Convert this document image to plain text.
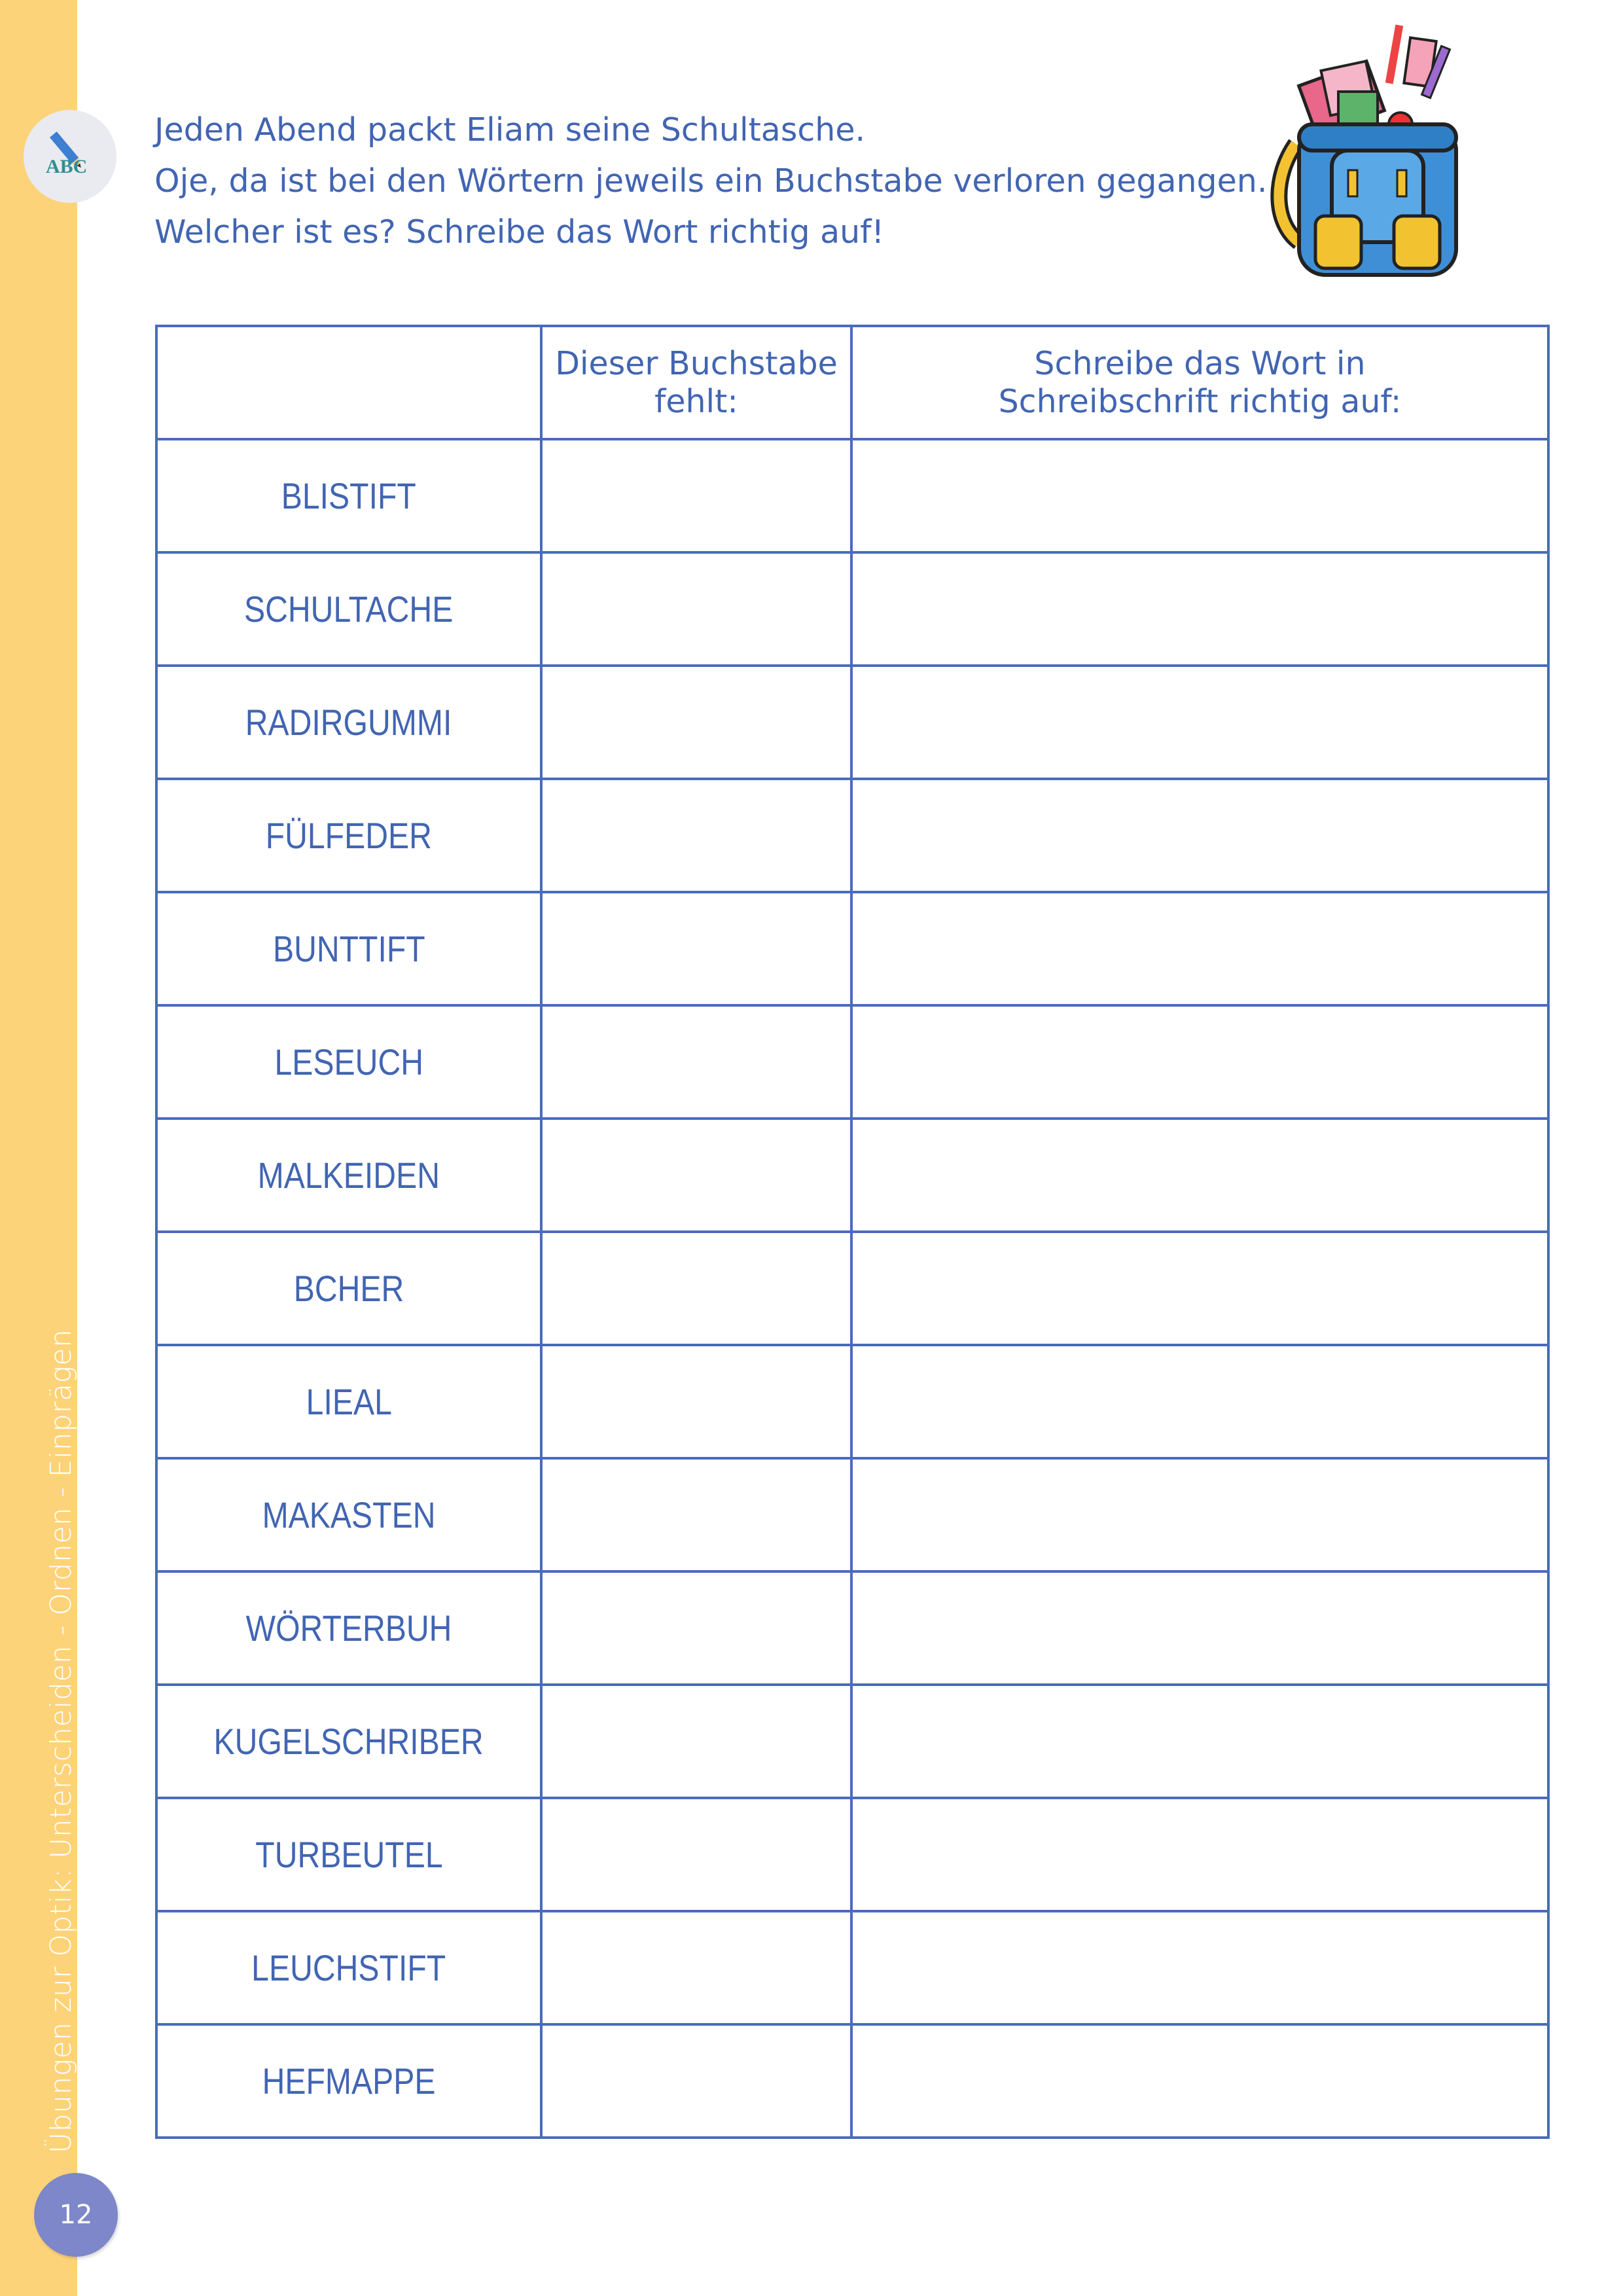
Übungen zur Optik: Unterscheiden - Ordnen - Einprägen
ABC
12
Jeden Abend packt Eliam seine Schultasche.
Oje, da ist bei den Wörtern jeweils ein Buchstabe verloren gegangen.
Welcher ist es? Schreibe das Wort richtig auf!

	Dieser Buchstabe
fehlt:	Schreibe das Wort in
Schreibschrift richtig auf:

BLISTIFT		
SCHULTACHE		
RADIRGUMMI		
FÜLFEDER		
BUNTTIFT		
LESEUCH		
MALKEIDEN		
BCHER		
LIEAL		
MAKASTEN		
WÖRTERBUH		
KUGELSCHRIBER		
TURBEUTEL		
LEUCHSTIFT		
HEFMAPPE		
